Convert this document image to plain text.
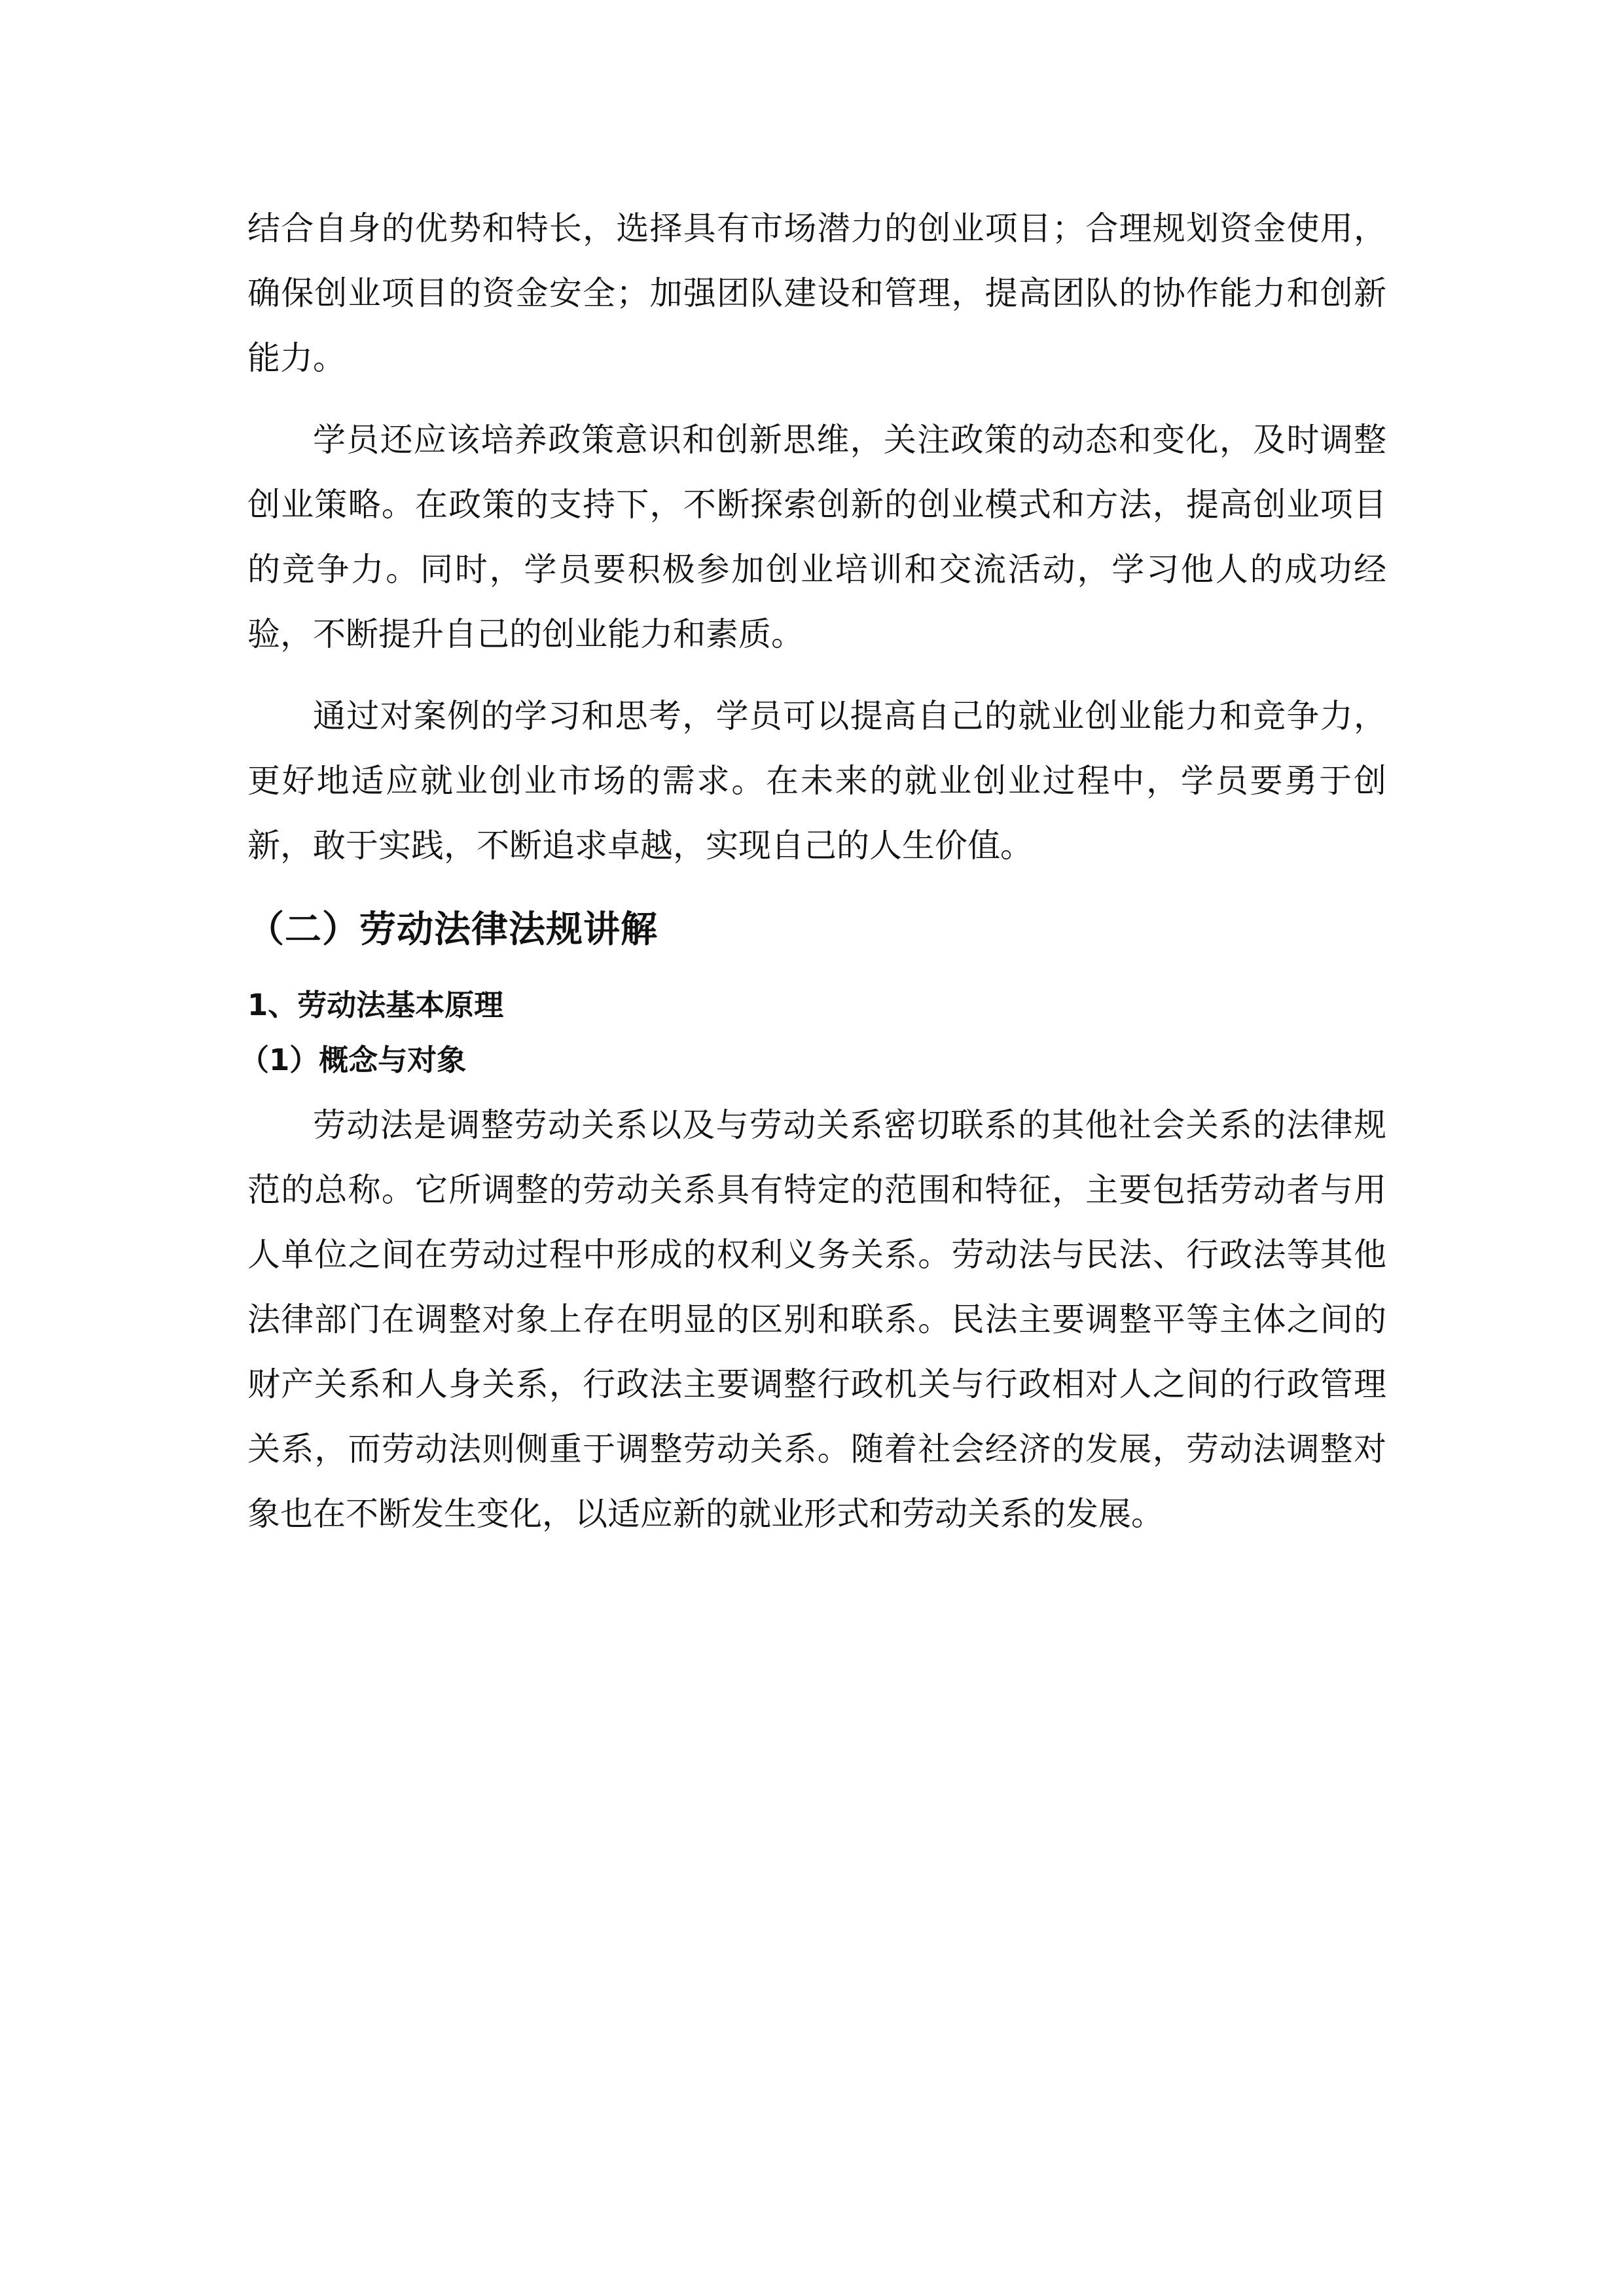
结合自身的优势和特长，选择具有市场潜力的创业项目；合理规划资金使用，确保创业项目的资金安全；加强团队建设和管理，提高团队的协作能力和创新能力。

学员还应该培养政策意识和创新思维，关注政策的动态和变化，及时调整创业策略。在政策的支持下，不断探索创新的创业模式和方法，提高创业项目的竞争力。同时，学员要积极参加创业培训和交流活动，学习他人的成功经验，不断提升自己的创业能力和素质。

通过对案例的学习和思考，学员可以提高自己的就业创业能力和竞争力，更好地适应就业创业市场的需求。在未来的就业创业过程中，学员要勇于创新，敢于实践，不断追求卓越，实现自己的人生价值。

（二）劳动法律法规讲解
1、劳动法基本原理
（1）概念与对象

劳动法是调整劳动关系以及与劳动关系密切联系的其他社会关系的法律规范的总称。它所调整的劳动关系具有特定的范围和特征，主要包括劳动者与用人单位之间在劳动过程中形成的权利义务关系。劳动法与民法、行政法等其他法律部门在调整对象上存在明显的区别和联系。民法主要调整平等主体之间的财产关系和人身关系，行政法主要调整行政机关与行政相对人之间的行政管理关系，而劳动法则侧重于调整劳动关系。随着社会经济的发展，劳动法调整对象也在不断发生变化，以适应新的就业形式和劳动关系的发展。
